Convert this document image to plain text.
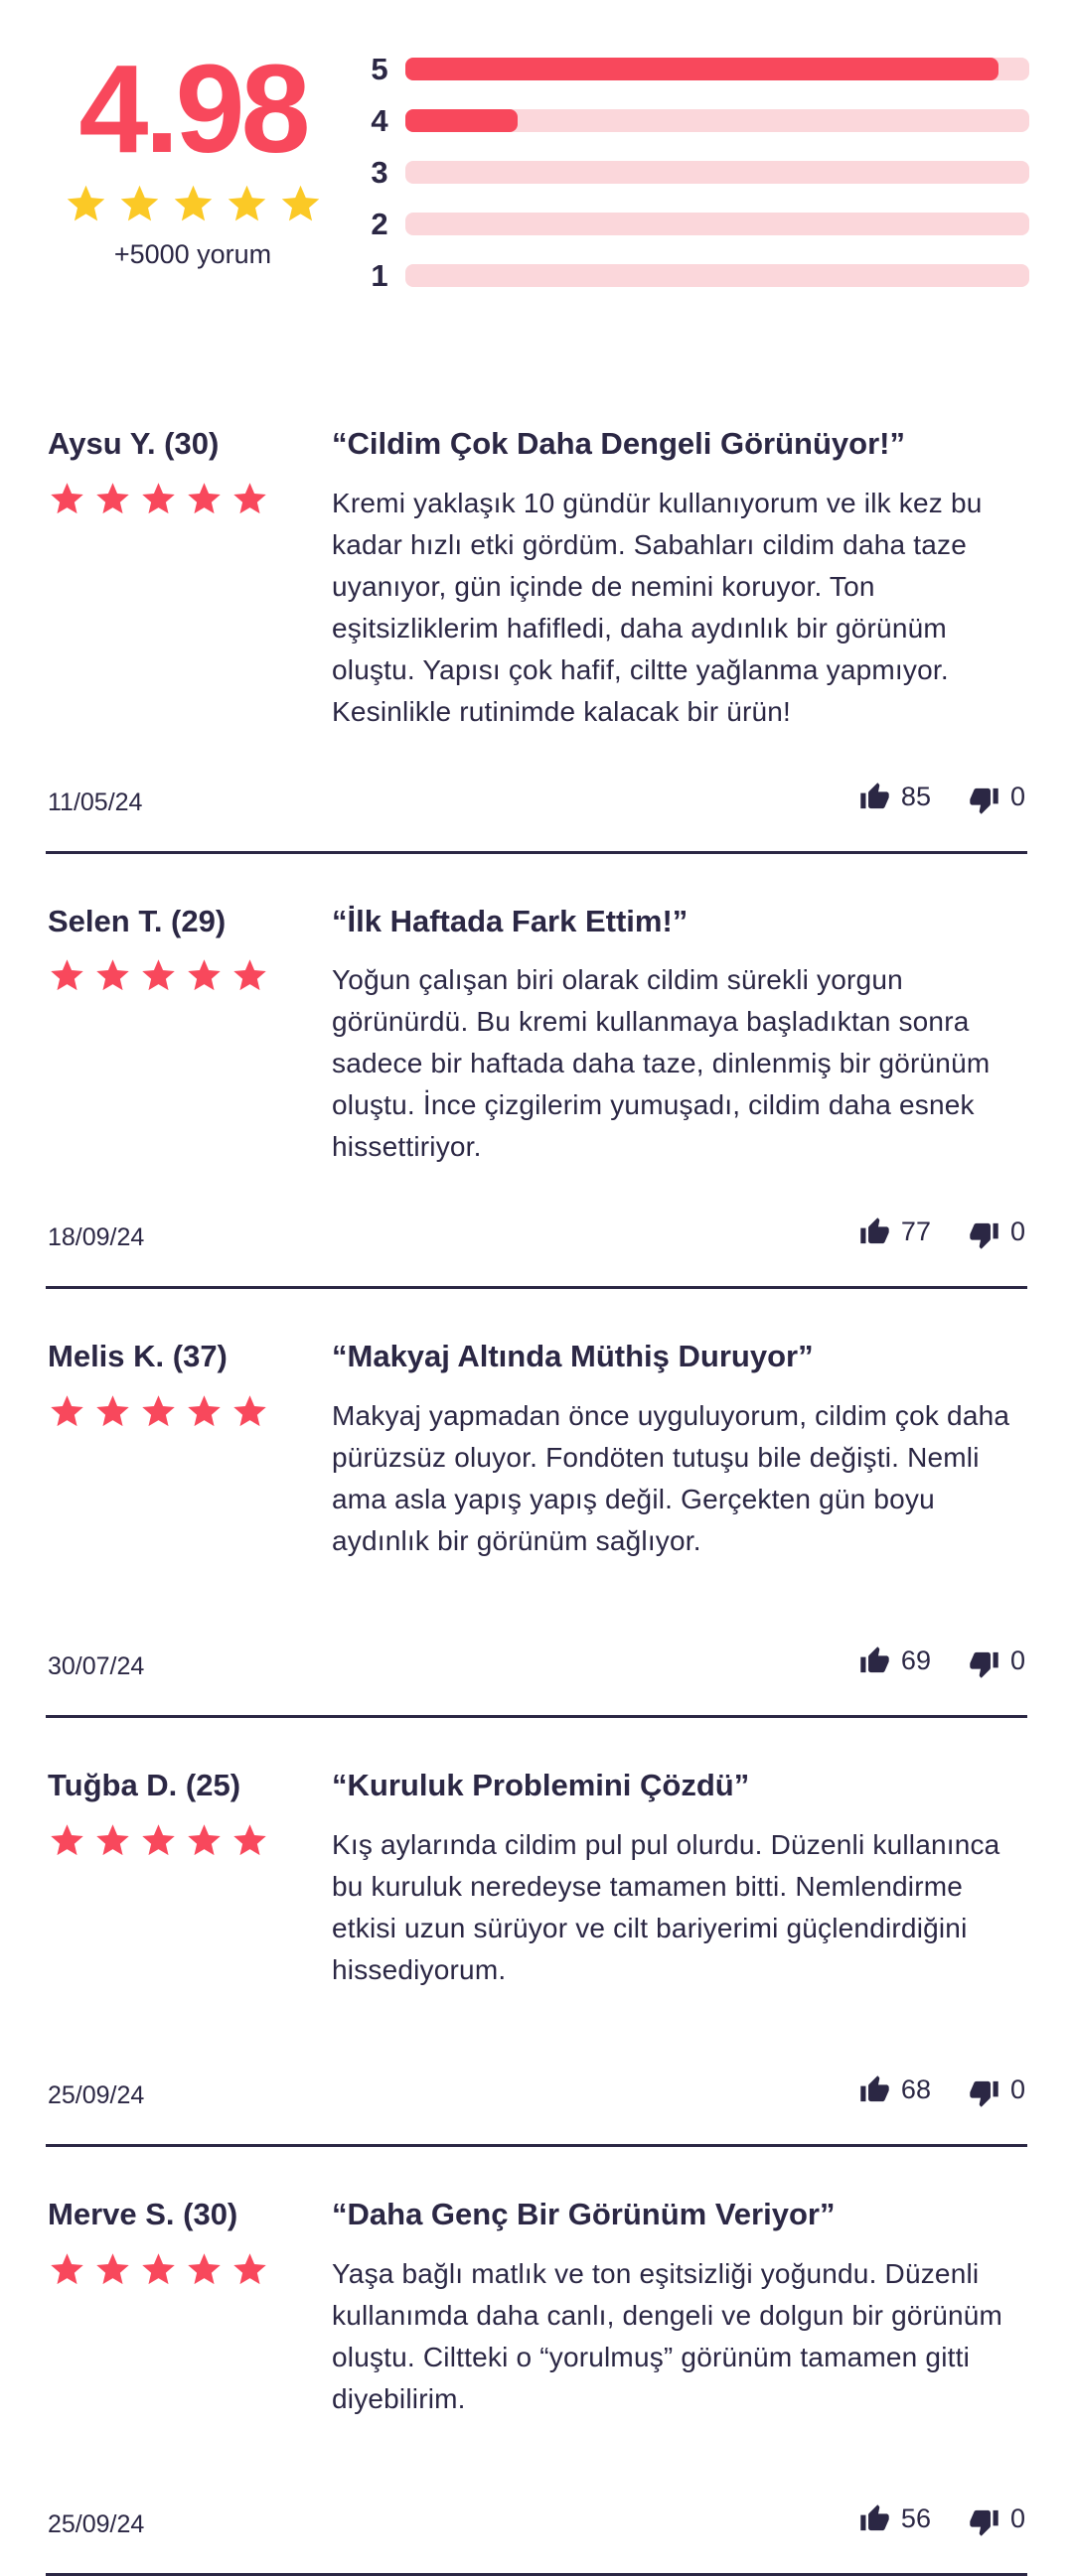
4.98
+5000 yorum
5
4
3
2
1
Aysu Y. (30)	“Cildim Çok Daha Dengeli Görünüyor!”

Kremi yaklaşık 10 gündür kullanıyorum ve ilk kez bu kadar hızlı etki gördüm. Sabahları cildim daha taze uyanıyor, gün içinde de nemini koruyor. Ton eşitsizliklerim hafifledi, daha aydınlık bir görünüm oluştu. Yapısı çok hafif, ciltte yağlanma yapmıyor. Kesinlikle rutinimde kalacak bir ürün!

11/05/24	85	0
Selen T. (29)	“İlk Haftada Fark Ettim!”

Yoğun çalışan biri olarak cildim sürekli yorgun görünürdü. Bu kremi kullanmaya başladıktan sonra sadece bir haftada daha taze, dinlenmiş bir görünüm oluştu. İnce çizgilerim yumuşadı, cildim daha esnek hissettiriyor.

18/09/24	77	0
Melis K. (37)	“Makyaj Altında Müthiş Duruyor”

Makyaj yapmadan önce uyguluyorum, cildim çok daha pürüzsüz oluyor. Fondöten tutuşu bile değişti. Nemli ama asla yapış yapış değil. Gerçekten gün boyu aydınlık bir görünüm sağlıyor.

30/07/24	69	0
Tuğba D. (25)	“Kuruluk Problemini Çözdü”

Kış aylarında cildim pul pul olurdu. Düzenli kullanınca bu kuruluk neredeyse tamamen bitti. Nemlendirme etkisi uzun sürüyor ve cilt bariyerimi güçlendirdiğini hissediyorum.

25/09/24	68	0
Merve S. (30)	“Daha Genç Bir Görünüm Veriyor”

Yaşa bağlı matlık ve ton eşitsizliği yoğundu. Düzenli kullanımda daha canlı, dengeli ve dolgun bir görünüm oluştu. Ciltteki o “yorulmuş” görünüm tamamen gitti diyebilirim.

25/09/24	56	0
